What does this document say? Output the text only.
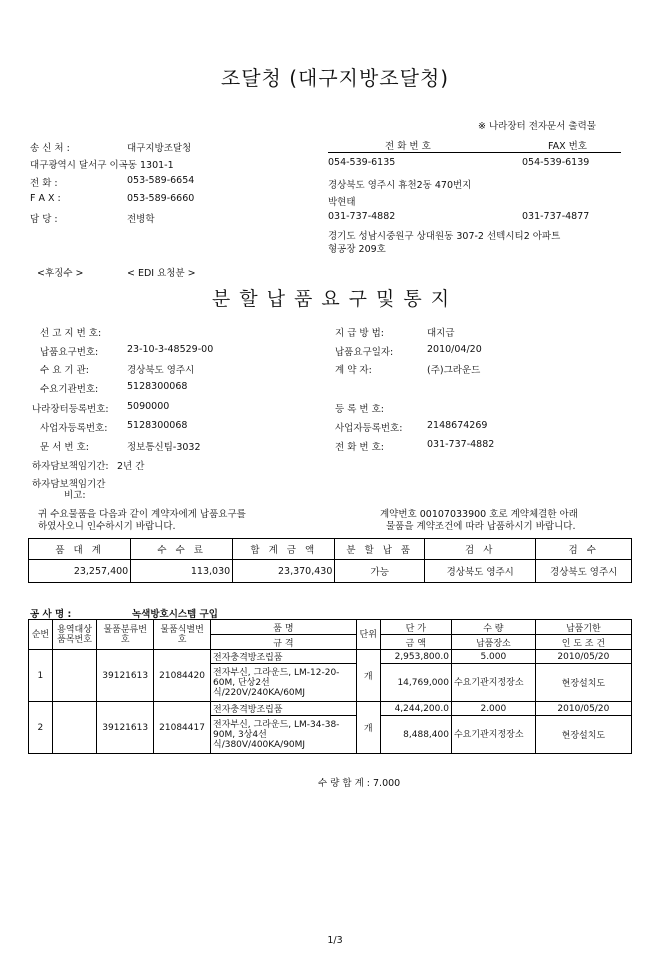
조달청 (대구지방조달청)
※ 나라장터 전자문서 출력물
송 신 처 :	대구지방조달청
대구광역시 달서구 이곡동 1301-1
전 화 :	053-589-6654
F A X :	053-589-6660
담 당 :	전병학
전 화 번 호	FAX 번호
054-539-6135	054-539-6139
경상북도 영주시 휴천2동 470번지
박현태
031-737-4882	031-737-4877
경기도 성남시중원구 상대원동 307-2 선텍시티2 아파트
형공장 209호
<후징수 >	< EDI 요청분 >
분할납품요구및통지
선 고 지 번 호:
납품요구번호:	23-10-3-48529-00
수 요 기 관:	경상북도 영주시
수요기관번호:	5128300068
나라장터등록번호: 5090000
사업자등록번호: 5128300068
문 서 번 호:	정보통신팀-3032
하자담보책임기간: 2년 간
하자담보책임기간
비고:
지 급 방 법:	대지급
납품요구일자:	2010/04/20
계 약 자:	(주)그라운드
등 록 번 호:
사업자등록번호:	2148674269
전 화 번 호:	031-737-4882
귀 수요물품을 다음과 같이 계약자에게 납품요구를
하였사오니 인수하시기 바랍니다.
계약번호 00107033900 호로 계약체결한 아래
물품을 계약조건에 따라 납품하시기 바랍니다.
품 대 계	수 수 료	합 계 금 액	분 할 납 품	검 사	검 수
23,257,400	113,030	23,370,430	가능	경상북도 영주시	경상북도 영주시
공 사 명 :	녹색방호시스템 구입
순번	용역대상품목번호	물품분류번호	물품식별번호	품 명	단위	단 가	수 량	납품기한
				규 격		금 액	납품장소	인 도 조 건
1		39121613	21084420	전자충격방조립품	개	2,953,800.0	5.000	2010/05/20
				전자부신, 그라운드, LM-12-20-60M, 단상2선식/220V/240KA/60MJ		14,769,000	수요기관지정장소	현장설치도
2		39121613	21084417	전자충격방조립품	개	4,244,200.0	2.000	2010/05/20
				전자부신, 그라운드, LM-34-38-90M, 3상4선식/380V/400KA/90MJ		8,488,400	수요기관지정장소	현장설치도
수 량 합 계 : 7.000
1/3
